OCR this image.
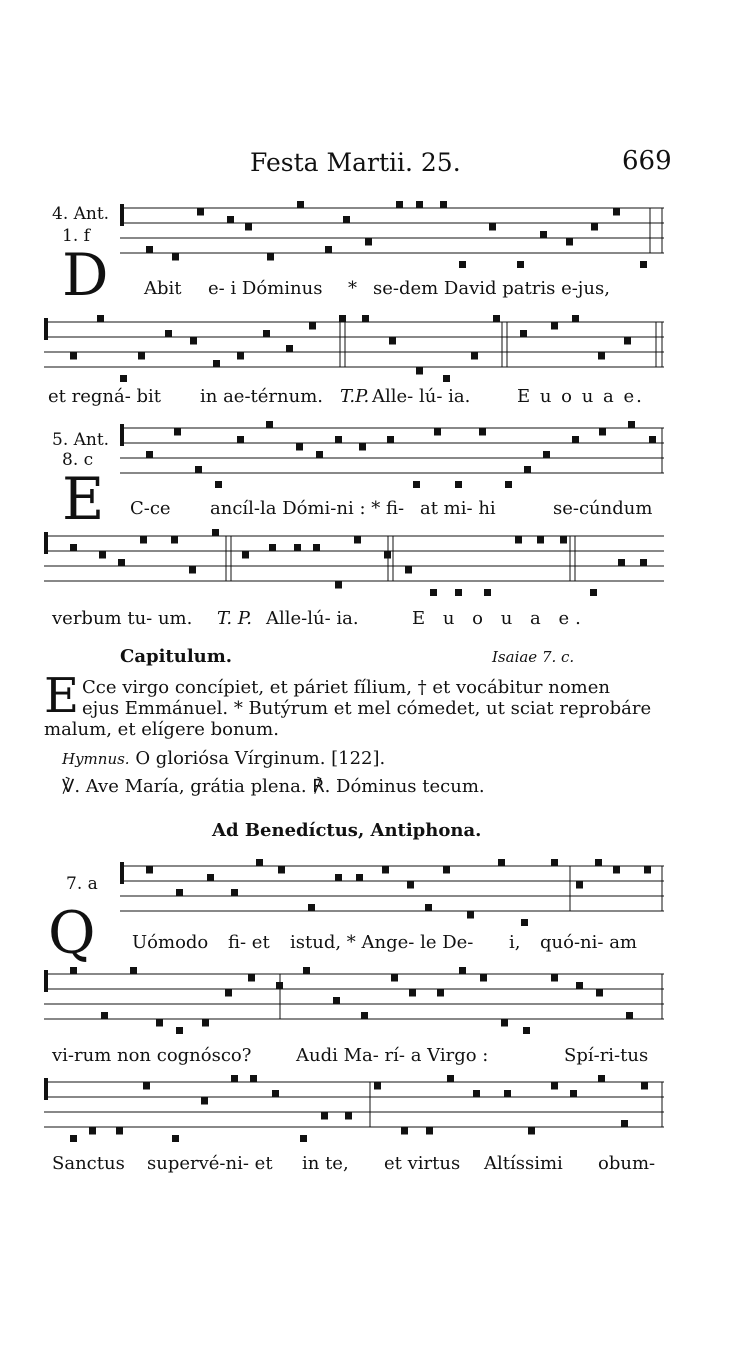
Festa Martii. 25.	669
4. Ant.
1. f
D Abit e- i Dóminus * se-dem David patris e-jus,
et regná- bit in ae-térnum. T.P. Alle- lú- ia.	E u o u a e.
5. Ant.
8. c
E C-ce ancíl-la Dómi-ni : * fi- at mi- hi	se-cúndum
verbum tu- um. T. P. Alle-lú- ia.	E u o u a e.
Capitulum.	Isaiae 7. c.
E Cce virgo concípiet, et páriet fílium, † et vocábitur nomen
ejus Emmánuel. * Butýrum et mel cómedet, ut sciat reprobáre
malum, et elígere bonum.
Hymnus. O gloriósa Vírginum. [122].
℣. Ave María, grátia plena. ℟. Dóminus tecum.
Ad Benedíctus, Antiphona.
7. a
Q Uómodo fi- et istud, * Ange- le De- i, quó-ni- am
vi-rum non cognósco? Audi Ma- rí- a Virgo :	Spí-ri-tus
Sanctus supervé-ni- et in te, et virtus Altíssimi obum-
